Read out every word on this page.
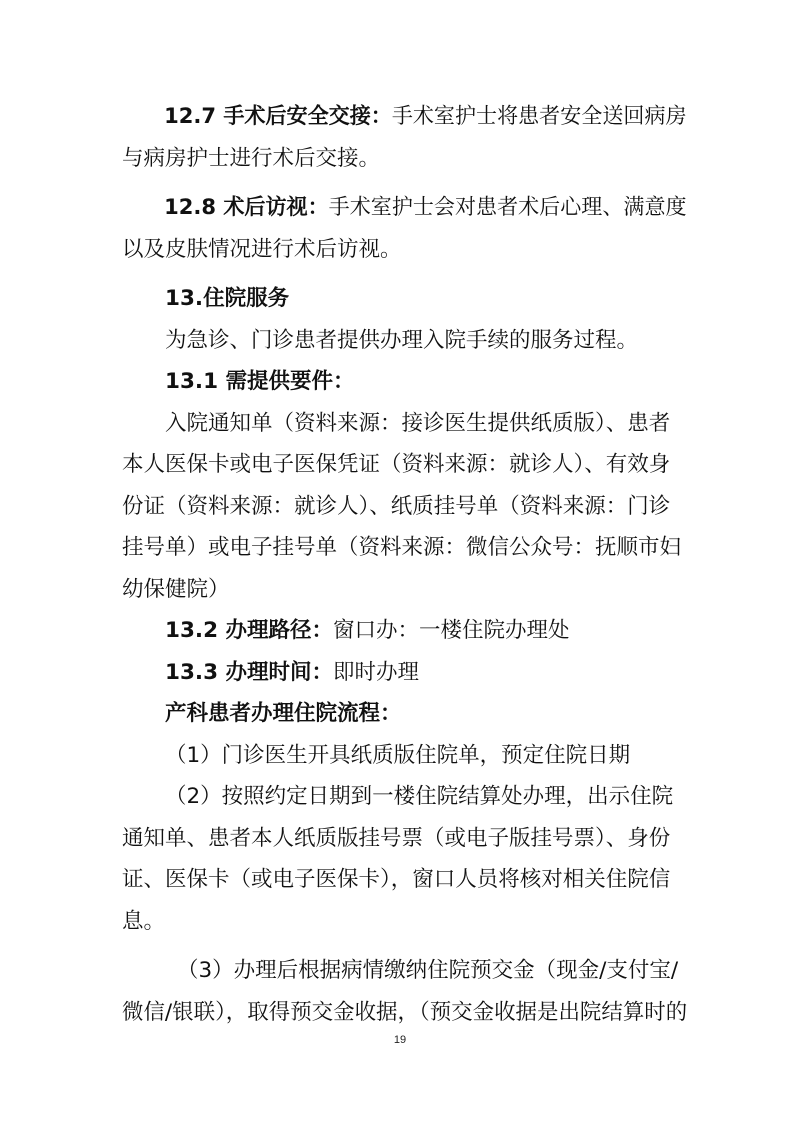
12.7 手术后安全交接：手术室护士将患者安全送回病房

与病房护士进行术后交接。

12.8 术后访视：手术室护士会对患者术后心理、满意度

以及皮肤情况进行术后访视。

13.住院服务

为急诊、门诊患者提供办理入院手续的服务过程。

13.1 需提供要件：

入院通知单（资料来源：接诊医生提供纸质版）、患者

本人医保卡或电子医保凭证（资料来源：就诊人）、有效身

份证（资料来源：就诊人）、纸质挂号单（资料来源：门诊

挂号单）或电子挂号单（资料来源：微信公众号：抚顺市妇

幼保健院）

13.2 办理路径：窗口办：一楼住院办理处

13.3 办理时间：即时办理

产科患者办理住院流程：

（1）门诊医生开具纸质版住院单，预定住院日期

（2）按照约定日期到一楼住院结算处办理，出示住院

通知单、患者本人纸质版挂号票（或电子版挂号票）、身份

证、医保卡（或电子医保卡），窗口人员将核对相关住院信

息。

（3）办理后根据病情缴纳住院预交金（现金/支付宝/

微信/银联），取得预交金收据，（预交金收据是出院结算时的

19
